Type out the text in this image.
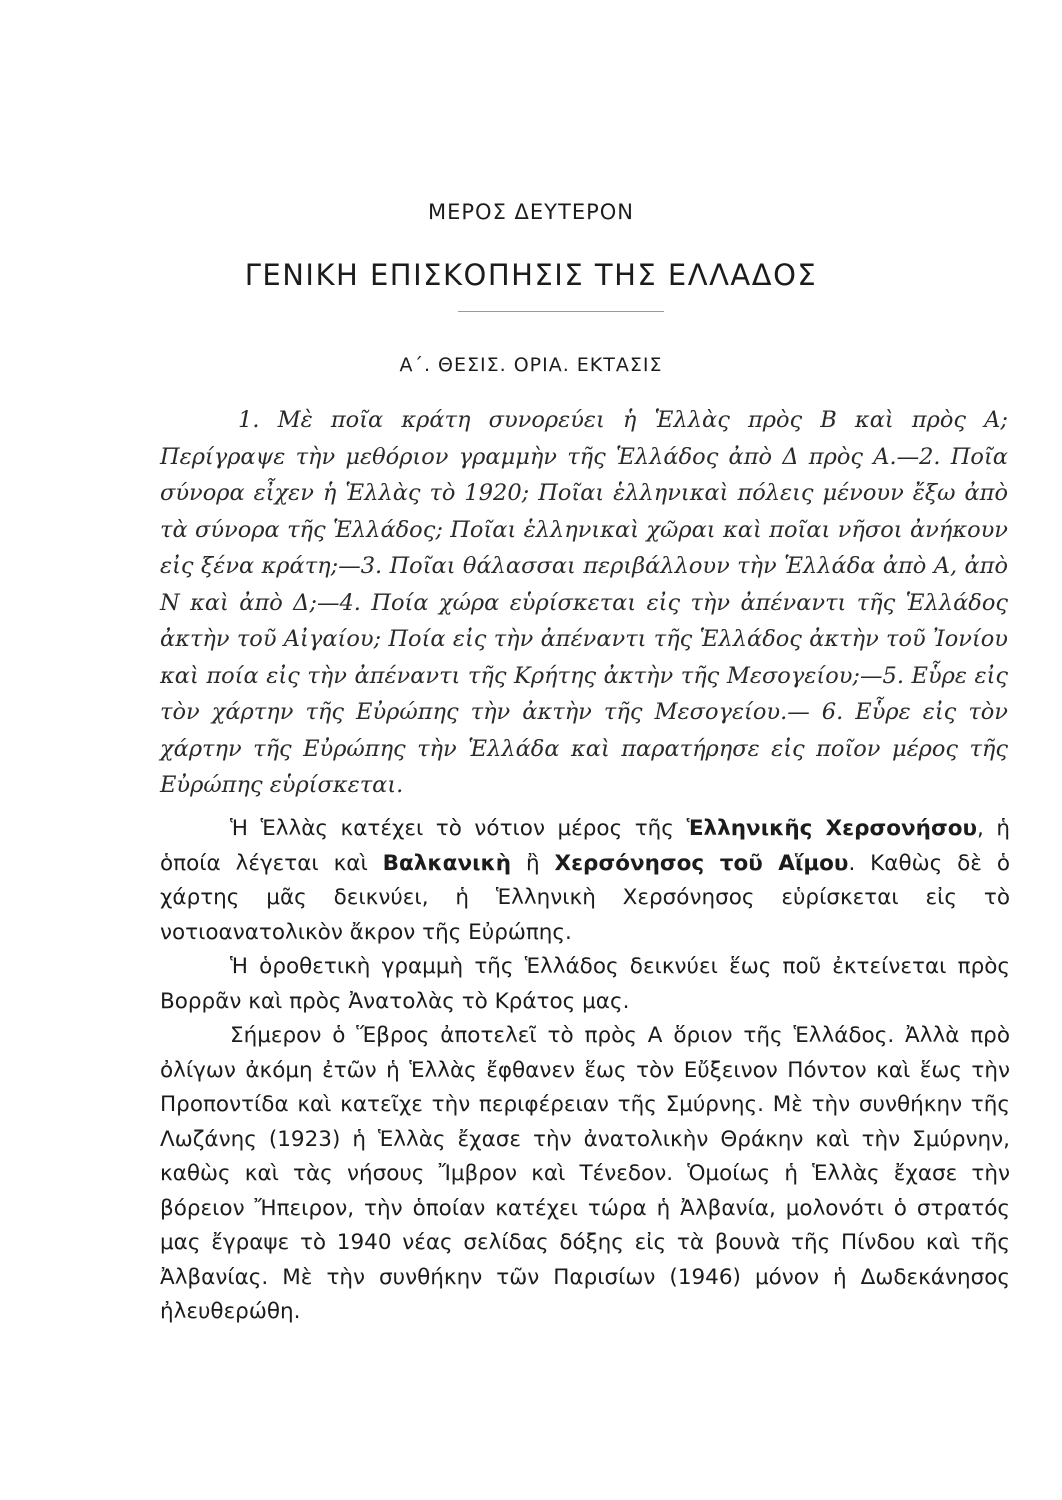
ΜΕΡΟΣ ΔΕΥΤΕΡΟΝ
ΓΕΝΙΚΗ ΕΠΙΣΚΟΠΗΣΙΣ ΤΗΣ ΕΛΛΑΔΟΣ
Α΄. ΘΕΣΙΣ. ΟΡΙΑ. ΕΚΤΑΣΙΣ

1. Μὲ ποῖα κράτη συνορεύει ἡ Ἑλλὰς πρὸς Β καὶ πρὸς Α; Περίγραψε τὴν μεθόριον γραμμὴν τῆς Ἑλλάδος ἀπὸ Δ πρὸς Α.—2. Ποῖα σύνορα εἶχεν ἡ Ἑλλὰς τὸ 1920; Ποῖαι ἑλληνικαὶ πόλεις μένουν ἔξω ἀπὸ τὰ σύνορα τῆς Ἑλλάδος; Ποῖαι ἑλληνικαὶ χῶραι καὶ ποῖαι νῆσοι ἀνήκουν εἰς ξένα κράτη;—3. Ποῖαι θάλασσαι περιβάλλουν τὴν Ἑλλάδα ἀπὸ Α, ἀπὸ Ν καὶ ἀπὸ Δ;—4. Ποία χώρα εὑρίσκεται εἰς τὴν ἀπέναντι τῆς Ἑλλάδος ἀκτὴν τοῦ Αἰγαίου; Ποία εἰς τὴν ἀπέναντι τῆς Ἑλλάδος ἀκτὴν τοῦ Ἰονίου καὶ ποία εἰς τὴν ἀπέναντι τῆς Κρήτης ἀκτὴν τῆς Μεσογείου;—5. Εὗρε εἰς τὸν χάρτην τῆς Εὐρώπης τὴν ἀκτὴν τῆς Μεσογείου.— 6. Εὗρε εἰς τὸν χάρτην τῆς Εὐρώπης τὴν Ἑλλάδα καὶ παρατήρησε εἰς ποῖον μέρος τῆς Εὐρώπης εὑρίσκεται.

Ἡ Ἑλλὰς κατέχει τὸ νότιον μέρος τῆς Ἑλληνικῆς Χερσονήσου, ἡ ὁποία λέγεται καὶ Βαλκανικὴ ἢ Χερσόνησος τοῦ Αἵμου. Καθὼς δὲ ὁ χάρτης μᾶς δεικνύει, ἡ Ἑλληνικὴ Χερσόνησος εὑρίσκεται εἰς τὸ νοτιοανατολικὸν ἄκρον τῆς Εὐρώπης.

Ἡ ὁροθετικὴ γραμμὴ τῆς Ἑλλάδος δεικνύει ἕως ποῦ ἐκτείνεται πρὸς Βορρᾶν καὶ πρὸς Ἀνατολὰς τὸ Κράτος μας.

Σήμερον ὁ Ἕβρος ἀποτελεῖ τὸ πρὸς Α ὅριον τῆς Ἑλλάδος. Ἀλλὰ πρὸ ὀλίγων ἀκόμη ἐτῶν ἡ Ἑλλὰς ἔφθανεν ἕως τὸν Εὔξεινον Πόντον καὶ ἕως τὴν Προποντίδα καὶ κατεῖχε τὴν περιφέρειαν τῆς Σμύρνης. Μὲ τὴν συνθήκην τῆς Λωζάνης (1923) ἡ Ἑλλὰς ἔχασε τὴν ἀνατολικὴν Θράκην καὶ τὴν Σμύρνην, καθὼς καὶ τὰς νήσους Ἴμβρον καὶ Τένεδον. Ὁμοίως ἡ Ἑλλὰς ἔχασε τὴν βόρειον Ἤπειρον, τὴν ὁποίαν κατέχει τώρα ἡ Ἀλβανία, μολονότι ὁ στρατός μας ἔγραψε τὸ 1940 νέας σελίδας δόξης εἰς τὰ βουνὰ τῆς Πίνδου καὶ τῆς Ἀλβανίας. Μὲ τὴν συνθήκην τῶν Παρισίων (1946) μόνον ἡ Δωδεκάνησος ἠλευθερώθη.
